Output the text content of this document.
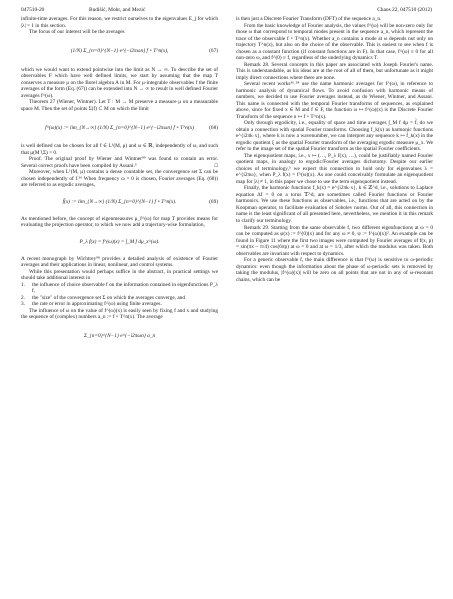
047510-20	Budišić, Mohr, and Mezić	Chaos 22, 047510 (2012)

infinite-time averages. For this reason, we restrict ourselves to the eigenvalues E_j for which |λ| = 1 in this section.

The focus of our interest will be the averages

(1/N) Σ_{n=0}^{N−1} e^{−i2πωn} f ∘ T^n(x),	(67)

which we would want to extend pointwise into the limit as N → ∞. To describe the set of observables F which have well defined limits, we start by assuming that the map T conserves a measure μ on the Borel algebra A in M. For μ-integrable observables f the finite averages of the form (Eq. (67)) can be extended into N → ∞ to result in well defined Fourier averages f^(ω).

Theorem 27 (Wiener, Wintner). Let T : M → M preserve a measure μ on a measurable space M. Then the set of points Σ(f) ⊂ M on which the limit

f^(ω)(x) := lim_{N→∞} (1/N) Σ_{n=0}^{N−1} e^{−i2πωn} f ∘ T^n(x)	(68)

is well defined can be chosen for all f ∈ L¹(M, μ) and ω ∈ ℝ, independently of ω, and such that μ(M∖Σ) = 0.

Proof. The original proof by Wiener and Wintner⁹⁹ was found to contain an error. Several correct proofs have been compiled by Assani.³	□

Moreover, when L¹(M, μ) contains a dense countable set, the convergence set Σ can be chosen independently of f.³⁶ When frequency ω = 0 is chosen, Fourier averages (Eq. (68)) are referred to as ergodic averages,

f̃(x) := lim_{N→∞} (1/N) Σ_{n=0}^{N−1} f ∘ T^n(x).	(69)

As mentioned before, the concept of eigenmeasures μ_f^(ω) for map T provides means for evaluating the projection operator, to which we now add a trajectory-wise formulation,

P_λ f(x) = f^(ω)(x) = ∫_M f dμ_x^(ω).

A recent monograph by Wichtrey⁹⁸ provides a detailed analysis of existence of Fourier averages and their applications in linear, nonlinear, and control systems.

While this presentation would perhaps suffice in the abstract, in practical settings we should take additional interest in

1.	the influence of choice observable f on the information contained in eigenfunctions P_λ f,
2.	the "size" of the convergence set Σ on which the averages converge, and
3.	the rate or error in approximating f^(ω) using finite averages.

The influence of ω on the value of f^(ω)(x) is easily seen by fixing f and x and studying the sequence of (complex) numbers a_n := f ∘ T^n(x). The average

Σ_{n=0}^{N−1} e^{−i2πωn} a_n

is then just a Discrete Fourier Transform (DFT) of the sequence a_n.

From the basic knowledge of Fourier analysis, the values f^(ω) will be non-zero only for those ω that correspond to temporal modes present in the sequence a_n, which represent the trace of the observable f ∘ T^n(x). Whether a_n contains a mode at ω depends not only on trajectory T^n(x), but also on the choice of the observable. This is easiest to see when f is chosen as a constant function (if constant functions are in F). In that case, f^(ω) ≡ 0 for all non-zero ω, and f^(0) ≡ f, regardless of the underlying dynamics T.

Remark 28. Several concepts in this paper are associated with Joseph Fourier's name. This is understandable, as his ideas are at the root of all of them, but unfortunate as it might imply direct connections where there are none.

Several recent works³⁶˒⁵⁸ use the name harmonic averages for f^(ω), in reference to harmonic analysis of dynamical flows. To avoid confusion with harmonic means of numbers, we decided to use Fourier averages instead, as do Wiener, Wintner, and Assani. This name is connected with the temporal Fourier transforms of sequences, as explained above, since for fixed x ∈ M and f ∈ F, the function ω ↦ f^(ω)(x) is the Discrete Fourier Transform of the sequence n ↦ f ∘ T^n(x).

Only through ergodicity, i.e., equality of space and time averages ∫_M f dμ = f̃, do we obtain a connection with spatial Fourier transforms. Choosing f_k(x) as harmonic functions e^{i2πk·x}, where k is now a wavenumber, we can interpret any sequence k ↦ f̃_k(x) in the ergodic quotient ξ as the spatial Fourier transform of the averaging ergodic measure μ_x. We refer to the image set of the spatial Fourier transform as the spatial Fourier coefficients.

The eigenquotient maps, i.e., x ↦ (…, P_λ f(x), …), could be justifiably named Fourier quotient maps, in analogy to ergodic/Fourier averages dichotomy. Despite our earlier choices of terminology,⁵ we expect this connection to hold only for eigenvalues λ = e^{i2πω}, when P_λ f(x) = f^(ω)(x). As one could conceivably formulate an eigenquotient map for |λ| ≠ 1, in this paper we chose to use the term eigenquotient instead.

Finally, the harmonic functions f_k(x) = e^{i2πk·x}, k ∈ ℤ^d, i.e., solutions to Laplace equation Δf = 0 on a torus 𝕋^d, are sometimes called Fourier functions or Fourier harmonics. We use these functions as observables, i.e., functions that are acted on by the Koopman operator, to facilitate evaluation of Sobolev norms. Out of all, this connection in name is the least significant of all presented here, nevertheless, we mention it in this remark to clarify our terminology.

Remark 29. Starting from the same observable f, two different eigenfunctions at ω = 0 can be computed as φ(x) := f^(0)(x) and for any ω ≠ 0, ψ := f^(ω)(x)|². An example can be found in Figure 11 where the first two images were computed by Fourier averages of f(x, p) = sin(πx − π/4) cos(6πp) at ω = 0 and at ω = 1/3, after which the modulus was taken. Both observables are invariant with respect to dynamics.

For a generic observable f, the main difference is that f^(ω) is sensitive to ω-periodic dynamics: even though the information about the phase of ω-periodic sets is removed by taking the modulus, |f^(ω)(x)| will be zero on all points that are not in any of ω-resonant chains, which can be
